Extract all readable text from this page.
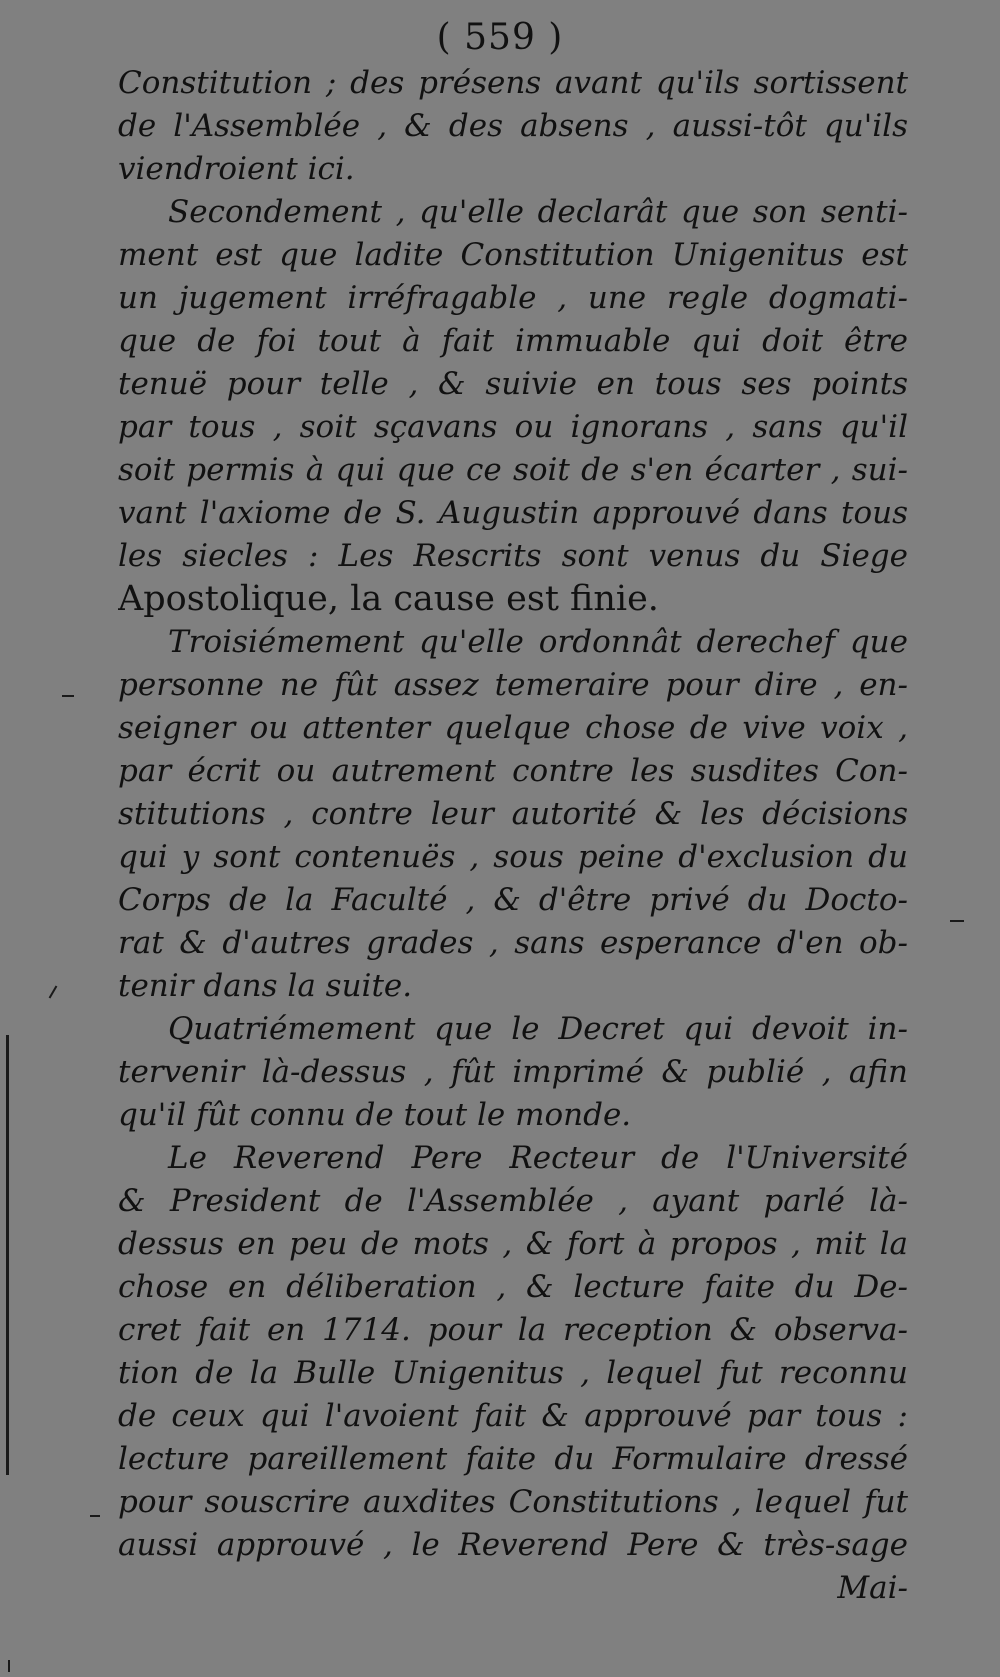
( 559 )
Constitution ; des présens avant qu'ils sortissent
de l'Assemblée , & des absens , aussi-tôt qu'ils
viendroient ici.
Secondement , qu'elle declarât que son senti-
ment est que ladite Constitution Unigenitus est
un jugement irréfragable , une regle dogmati-
que de foi tout à fait immuable qui doit être
tenuë pour telle , & suivie en tous ses points
par tous , soit sçavans ou ignorans , sans qu'il
soit permis à qui que ce soit de s'en écarter , sui-
vant l'axiome de S. Augustin approuvé dans tous
les siecles : Les Rescrits sont venus du Siege
Apostolique, la cause est finie.
Troisiémement qu'elle ordonnât derechef que
personne ne fût assez temeraire pour dire , en-
seigner ou attenter quelque chose de vive voix ,
par écrit ou autrement contre les susdites Con-
stitutions , contre leur autorité & les décisions
qui y sont contenuës , sous peine d'exclusion du
Corps de la Faculté , & d'être privé du Docto-
rat & d'autres grades , sans esperance d'en ob-
tenir dans la suite.
Quatriémement que le Decret qui devoit in-
tervenir là-dessus , fût imprimé & publié , afin
qu'il fût connu de tout le monde.
Le Reverend Pere Recteur de l'Université
& President de l'Assemblée , ayant parlé là-
dessus en peu de mots , & fort à propos , mit la
chose en déliberation , & lecture faite du De-
cret fait en 1714. pour la reception & observa-
tion de la Bulle Unigenitus , lequel fut reconnu
de ceux qui l'avoient fait & approuvé par tous :
lecture pareillement faite du Formulaire dressé
pour souscrire auxdites Constitutions , lequel fut
aussi approuvé , le Reverend Pere & très-sage
Mai-
